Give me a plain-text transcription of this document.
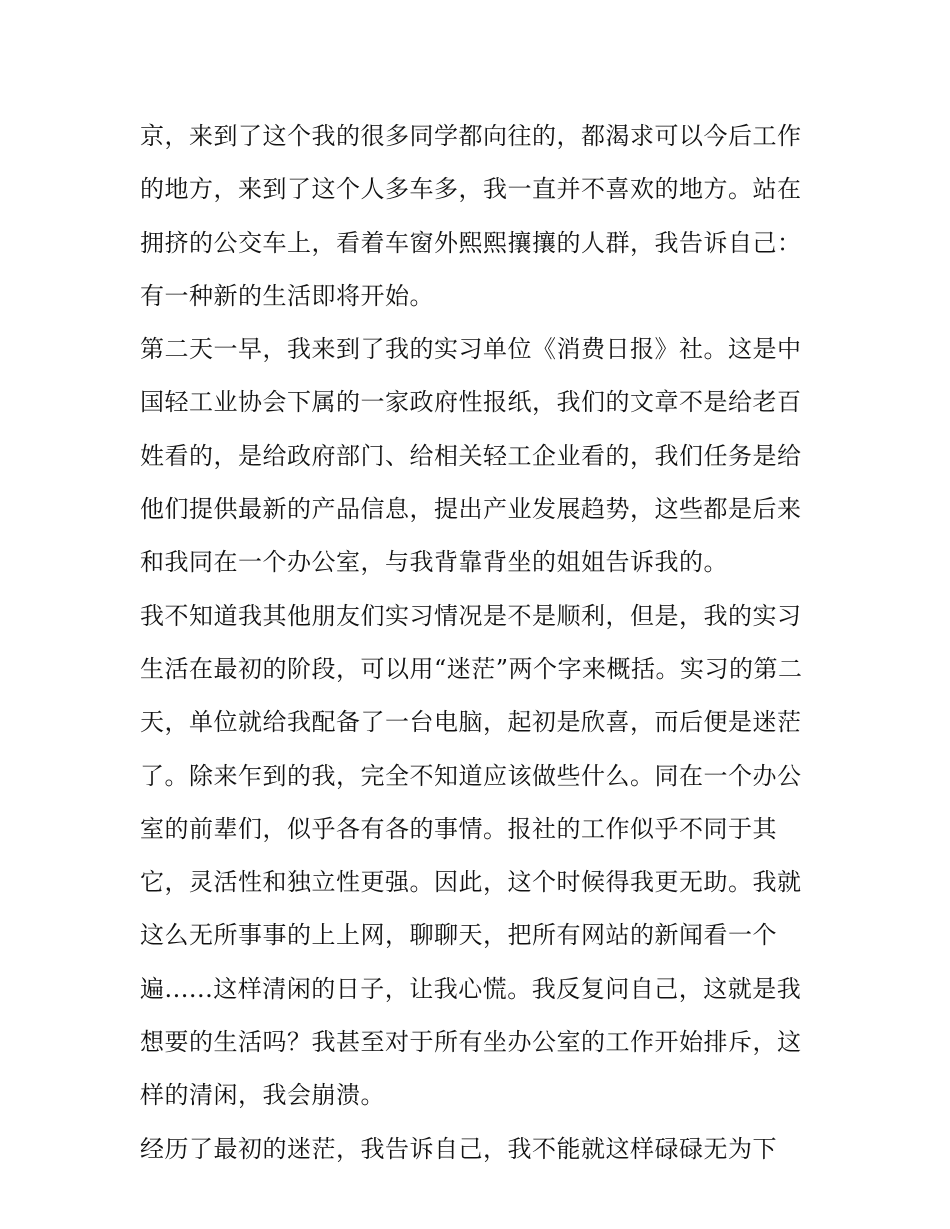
京，来到了这个我的很多同学都向往的，都渴求可以今后工作
的地方，来到了这个人多车多，我一直并不喜欢的地方。站在
拥挤的公交车上，看着车窗外熙熙攘攘的人群，我告诉自己：
有一种新的生活即将开始。
第二天一早，我来到了我的实习单位《消费日报》社。这是中
国轻工业协会下属的一家政府性报纸，我们的文章不是给老百
姓看的，是给政府部门、给相关轻工企业看的，我们任务是给
他们提供最新的产品信息，提出产业发展趋势，这些都是后来
和我同在一个办公室，与我背靠背坐的姐姐告诉我的。
我不知道我其他朋友们实习情况是不是顺利，但是，我的实习
生活在最初的阶段，可以用“迷茫”两个字来概括。实习的第二
天，单位就给我配备了一台电脑，起初是欣喜，而后便是迷茫
了。除来乍到的我，完全不知道应该做些什么。同在一个办公
室的前辈们，似乎各有各的事情。报社的工作似乎不同于其
它，灵活性和独立性更强。因此，这个时候得我更无助。我就
这么无所事事的上上网，聊聊天，把所有网站的新闻看一个
遍......这样清闲的日子，让我心慌。我反复问自己，这就是我
想要的生活吗？我甚至对于所有坐办公室的工作开始排斥，这
样的清闲，我会崩溃。
经历了最初的迷茫，我告诉自己，我不能就这样碌碌无为下
